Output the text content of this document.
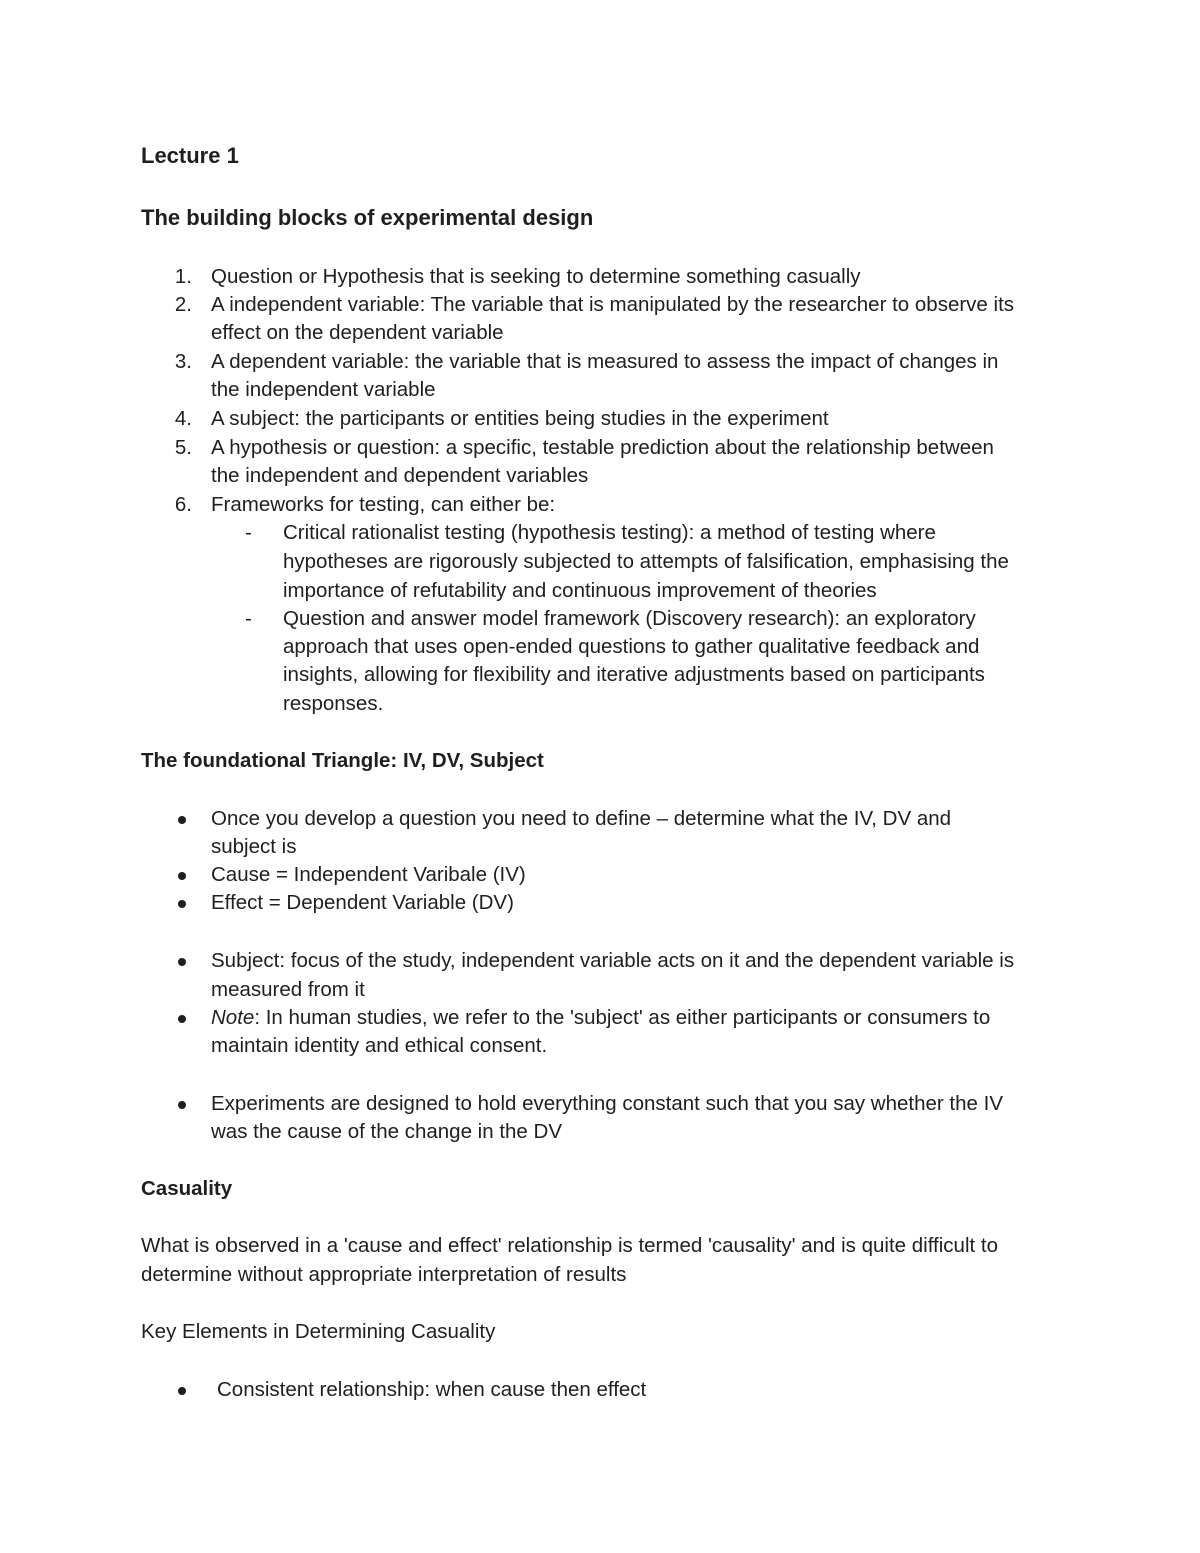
Lecture 1
The building blocks of experimental design
1. Question or Hypothesis that is seeking to determine something casually
2. A independent variable: The variable that is manipulated by the researcher to observe its
effect on the dependent variable
3. A dependent variable: the variable that is measured to assess the impact of changes in
the independent variable
4. A subject: the participants or entities being studies in the experiment
5. A hypothesis or question: a specific, testable prediction about the relationship between
the independent and dependent variables
6. Frameworks for testing, can either be:
- Critical rationalist testing (hypothesis testing): a method of testing where
hypotheses are rigorously subjected to attempts of falsification, emphasising the
importance of refutability and continuous improvement of theories
- Question and answer model framework (Discovery research): an exploratory
approach that uses open-ended questions to gather qualitative feedback and
insights, allowing for flexibility and iterative adjustments based on participants
responses.
The foundational Triangle: IV, DV, Subject
Once you develop a question you need to define – determine what the IV, DV and
subject is
Cause = Independent Varibale (IV)
Effect = Dependent Variable (DV)
Subject: focus of the study, independent variable acts on it and the dependent variable is
measured from it
Note: In human studies, we refer to the 'subject' as either participants or consumers to
maintain identity and ethical consent.
Experiments are designed to hold everything constant such that you say whether the IV
was the cause of the change in the DV
Casuality
What is observed in a 'cause and effect' relationship is termed 'causality' and is quite difficult to
determine without appropriate interpretation of results
Key Elements in Determining Casuality
Consistent relationship: when cause then effect
